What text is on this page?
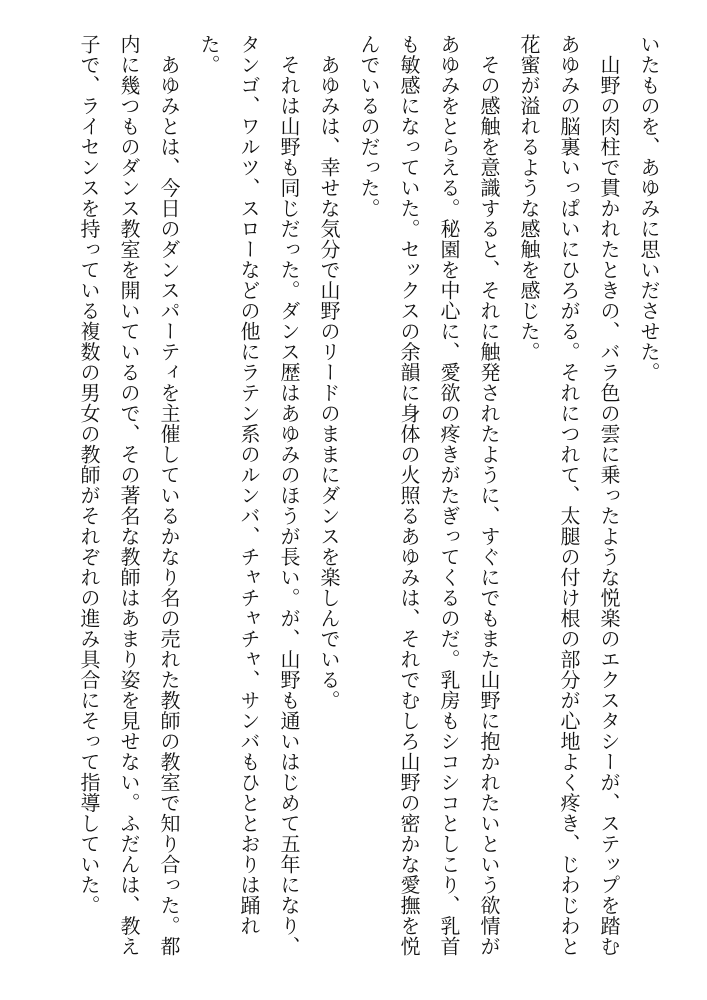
いたものを、あゆみに思いださせた。

　山野の肉柱で貫かれたときの、バラ色の雲に乗ったような悦楽のエクスタシーが、ステップを踏むあゆみの脳裏いっぱいにひろがる。それにつれて、太腿の付け根の部分が心地よく疼き、じわじわと花蜜が溢れるような感触を感じた。

　その感触を意識すると、それに触発されたように、すぐにでもまた山野に抱かれたいという欲情があゆみをとらえる。秘園を中心に、愛欲の疼きがたぎってくるのだ。乳房もシコシコとしこり、乳首も敏感になっていた。セックスの余韻に身体の火照るあゆみは、それでむしろ山野の密かな愛撫を悦んでいるのだった。

　あゆみは、幸せな気分で山野のリードのままにダンスを楽しんでいる。

　それは山野も同じだった。ダンス歴はあゆみのほうが長い。が、山野も通いはじめて五年になり、タンゴ、ワルツ、スローなどの他にラテン系のルンバ、チャチャチャ、サンバもひととおりは踊れた。

　あゆみとは、今日のダンスパーティを主催しているかなり名の売れた教師の教室で知り合った。都内に幾つものダンス教室を開いているので、その著名な教師はあまり姿を見せない。ふだんは、教え子で、ライセンスを持っている複数の男女の教師がそれぞれの進み具合にそって指導していた。
